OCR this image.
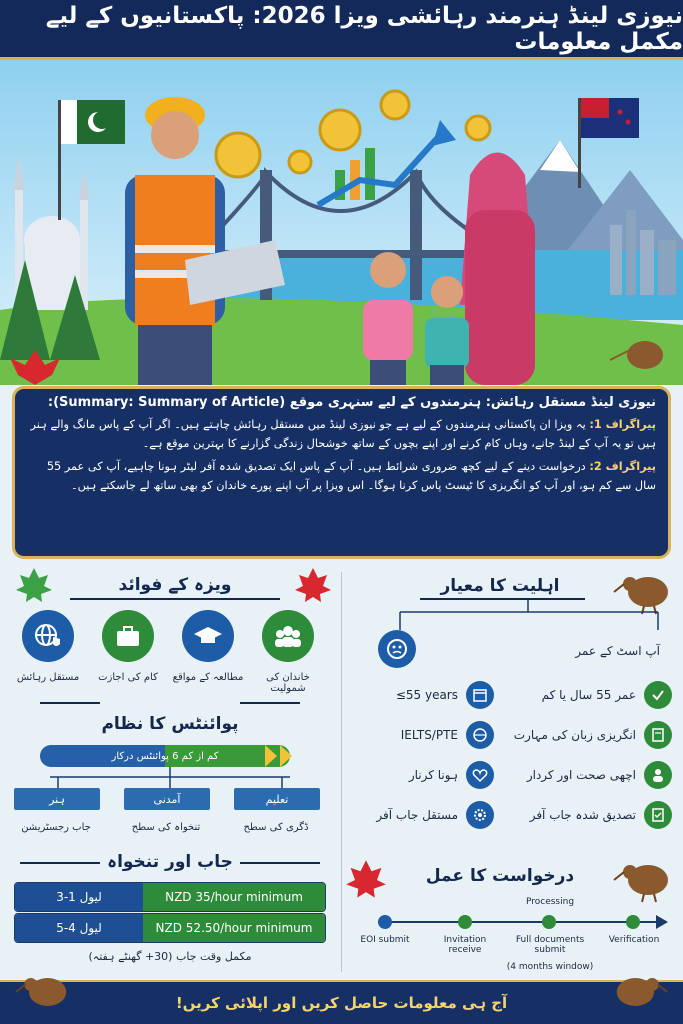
نیوزی لینڈ ہنرمند رہائشی ویزا 2026: پاکستانیوں کے لیے مکمل معلومات
نیوزی لینڈ مستقل رہائش: ہنرمندوں کے لیے سنہری موقع (Summary: Summary of Article):
پیراگراف 1: یہ ویزا ان پاکستانی ہنرمندوں کے لیے ہے جو نیوزی لینڈ میں مستقل رہائش چاہتے ہیں۔ اگر آپ کے پاس مانگ والے ہنر ہیں تو یہ آپ کے لینڈ جانے، وہاں کام کرنے اور اپنے بچوں کے ساتھ خوشحال زندگی گزارنے کا بہترین موقع ہے۔
پیراگراف 2: درخواست دینے کے لیے کچھ ضروری شرائط ہیں۔ آپ کے پاس ایک تصدیق شدہ آفر لیٹر ہونا چاہیے، آپ کی عمر 55 سال سے کم ہو، اور آپ کو انگریزی کا ٹیسٹ پاس کرنا ہوگا۔ اس ویزا پر آپ اپنے پورے خاندان کو بھی ساتھ لے جاسکتے ہیں۔
ویزہ کے فوائد
خاندان کی شمولیت
مطالعہ کے مواقع
کام کی اجازت
مستقل رہائش
پوائنٹس کا نظام
کم از کم 6 پوائنٹس درکار
تعلیم
آمدنی
ہنر
ڈگری کی سطح
تنخواہ کی سطح
جاب رجسٹریشن
جاب اور تنخواہ
لیول 1-3	NZD 35/hour minimum
لیول 4-5	NZD 52.50/hour minimum
مکمل وقت جاب (30+ گھنٹے ہفتہ)
اہلیت کا معیار
آپ اسٹ کے عمر
≤55 years	عمر 55 سال یا کم
IELTS/PTE	انگریزی زبان کی مہارت
ہونا کرنار	اچھی صحت اور کردار
مستقل جاب آفر	تصدیق شدہ جاب آفر
درخواست کا عمل
Processing
EOI submit	Invitation receive
Full documents submit
(4 months window)
Verification
آج ہی معلومات حاصل کریں اور اپلائی کریں!
